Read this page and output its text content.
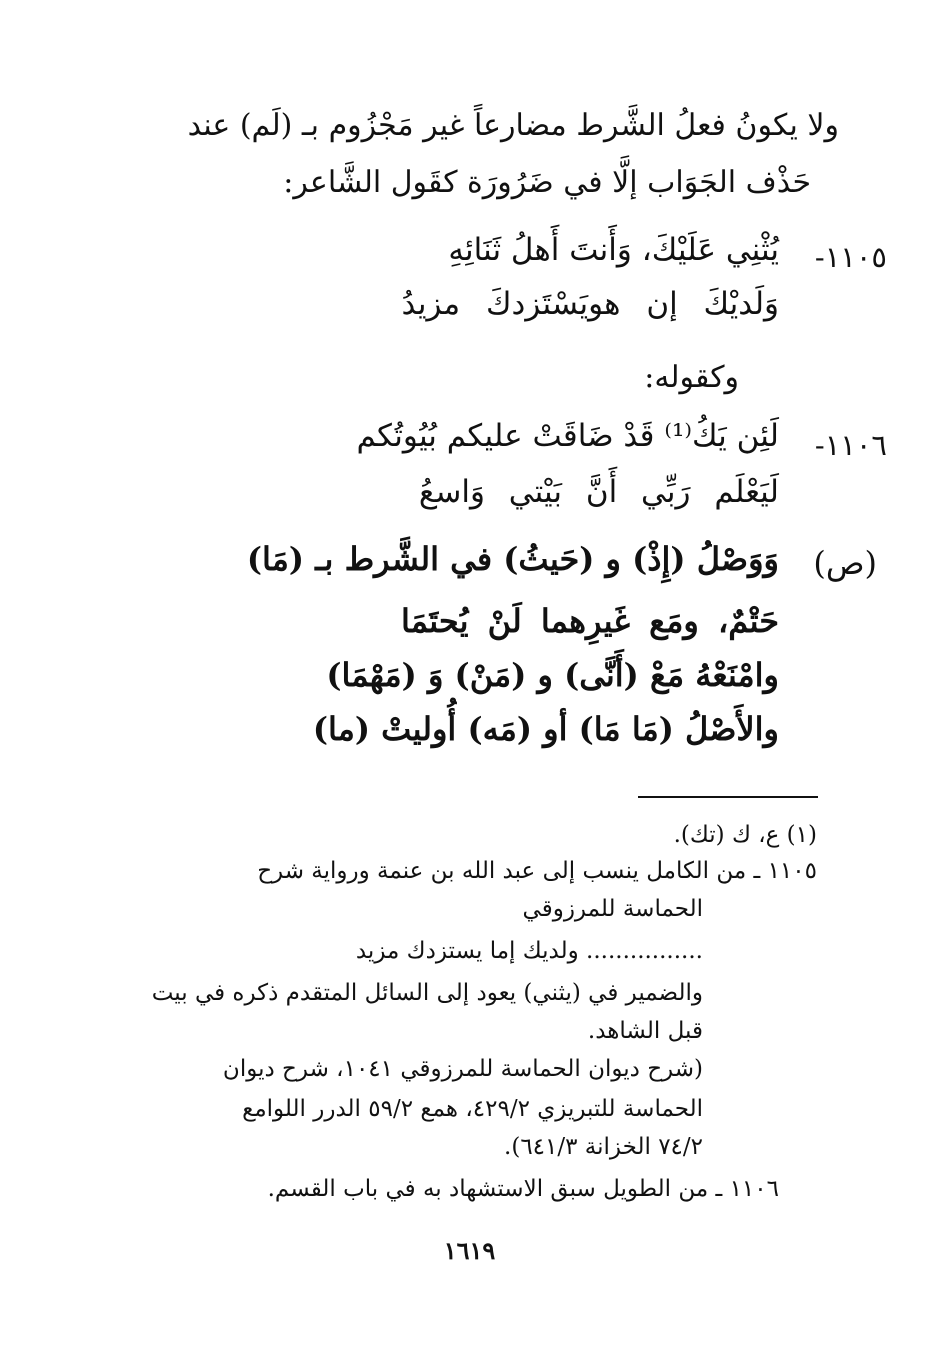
ولا يكونُ فعلُ الشَّرط مضارعاً غير مَجْزُوم بـ (لَم) عند
حَذْف الجَوَاب إلَّا في ضَرُورَة كقَول الشَّاعر:
١١٠٥-
يُثْنِي عَلَيْكَ، وَأَنتَ أَهلُ ثَنَائِهِ
وَلَديْكَ إن هويَسْتَزدكَ مزيدُ
وكقوله:
١١٠٦-
لَئِن يَكُ⁽¹⁾ قَدْ ضَاقَتْ عليكم بُيُوتُكم
لَيَعْلَم رَبِّي أَنَّ بَيْتي وَاسعُ
(ص)
وَوَصْلُ (إِذْ) و (حَيثُ) في الشَّرط بـ (مَا)
حَتْمٌ، ومَع غَيرِهما لَنْ يُحتَمَا
وامْنَعْهُ مَعْ (أَنَّى) و (مَنْ) وَ (مَهْمَا)
والأَصْلُ (مَا مَا) أو (مَه) أُوليتْ (ما)
(١) ع، ك (تك).
١١٠٥ ـ من الكامل ينسب إلى عبد الله بن عنمة ورواية شرح
الحماسة للمرزوقي
................ ولديك إما يستزدك مزيد
والضمير في (يثني) يعود إلى السائل المتقدم ذكره في بيت
قبل الشاهد.
(شرح ديوان الحماسة للمرزوقي ١٠٤١، شرح ديوان
الحماسة للتبريزي ٤٢٩/٢، همع ٥٩/٢ الدرر اللوامع
٧٤/٢ الخزانة ٦٤١/٣).
١١٠٦ ـ من الطويل سبق الاستشهاد به في باب القسم.
١٦١٩
